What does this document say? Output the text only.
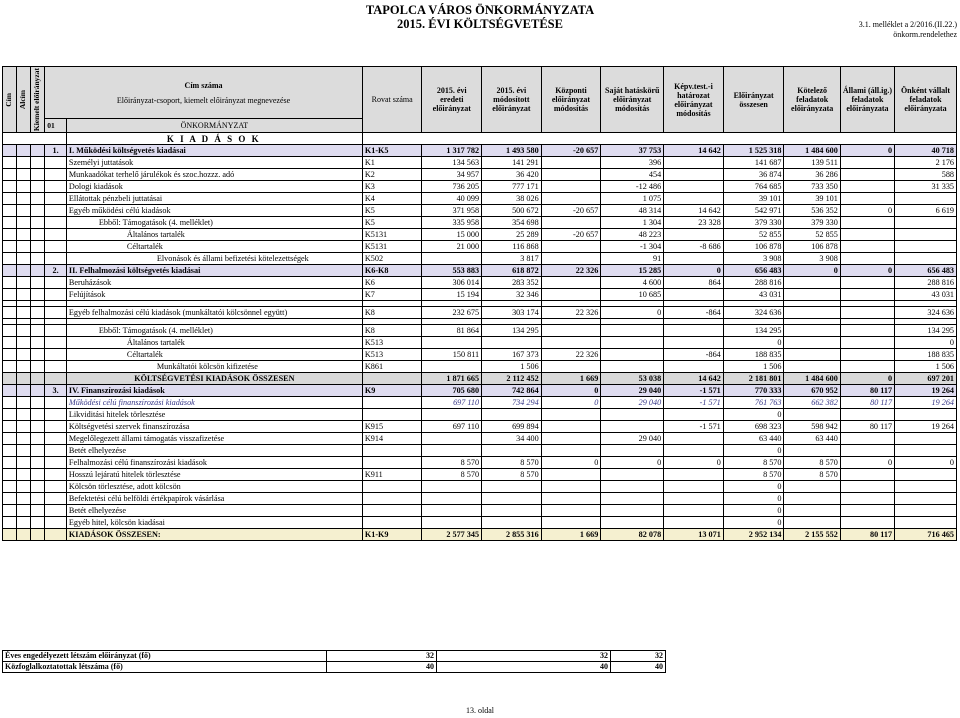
TAPOLCA VÁROS ÖNKORMÁNYZATA
2015. ÉVI KÖLTSÉGVETÉSE	3.1. melléklet a 2/2016.(II.22.)
önkorm.rendelethez
Cím	Alcím	Kiemelt előirányzat	Cím száma
Előirányzat-csoport, kiemelt előirányzat megnevezése		Rovat száma	2015. évi eredeti előirányzat	2015. évi módosított előirányzat	Központi előirányzat módosítás	Saját hatáskörű előirányzat módosítás	Képv.test.-i határozat előirányzat módosítás	Előirányzat összesen	Kötelező feladatok előirányzata	Állami (áll.ig.) feladatok előirányzata	Önként vállalt feladatok előirányzata
			01	ÖNKORMÁNYZAT										
				K I A D Á S O K										
			1.	I. Működési költségvetés kiadásai	K1-K5	1 317 782	1 493 580	-20 657	37 753	14 642	1 525 318	1 484 600	0	40 718
				Személyi juttatások	K1	134 563	141 291		396		141 687	139 511		2 176
				Munkaadókat terhelő járulékok és szoc.hozzz. adó	K2	34 957	36 420		454		36 874	36 286		588
				Dologi kiadások	K3	736 205	777 171		-12 486		764 685	733 350		31 335
				Ellátottak pénzbeli juttatásai	K4	40 099	38 026		1 075		39 101	39 101		
				Egyéb működési célú kiadások	K5	371 958	500 672	-20 657	48 314	14 642	542 971	536 352	0	6 619
				Ebből: Támogatások (4. melléklet)	K5	335 958	354 698		1 304	23 328	379 330	379 330		
				Általános tartalék	K5131	15 000	25 289	-20 657	48 223		52 855	52 855		
				Céltartalék	K5131	21 000	116 868		-1 304	-8 686	106 878	106 878		
				Elvonások és állami befizetési kötelezettségek	K502		3 817		91		3 908	3 908		
			2.	II. Felhalmozási költségvetés kiadásai	K6-K8	553 883	618 872	22 326	15 285	0	656 483	0	0	656 483
				Beruházások	K6	306 014	283 352		4 600	864	288 816			288 816
				Felújítások	K7	15 194	32 346		10 685		43 031			43 031

				Egyéb felhalmozási célú kiadások (munkáltatói kölcsönnel együtt)	K8	232 675	303 174	22 326	0	-864	324 636			324 636

				Ebből: Támogatások (4. melléklet)	K8	81 864	134 295				134 295			134 295
				Általános tartalék	K513						0			0
				Céltartalék	K513	150 811	167 373	22 326		-864	188 835			188 835
				Munkáltatói kölcsön kifizetése	K861		1 506				1 506			1 506
				KÖLTSÉGVETÉSI KIADÁSOK ÖSSZESEN		1 871 665	2 112 452	1 669	53 038	14 642	2 181 801	1 484 600	0	697 201
			3.	IV. Finanszírozási kiadások	K9	705 680	742 864	0	29 040	-1 571	770 333	670 952	80 117	19 264
				Működési célú finanszírozási kiadások		697 110	734 294	0	29 040	-1 571	761 763	662 382	80 117	19 264
				Likviditási hitelek törlesztése							0			
				Költségvetési szervek finanszírozása	K915	697 110	699 894			-1 571	698 323	598 942	80 117	19 264
				Megelőlegezett állami támogatás visszafizetése	K914		34 400		29 040		63 440	63 440		
				Betét elhelyezése							0			
				Felhalmozási célú finanszírozási kiadások		8 570	8 570	0	0	0	8 570	8 570	0	0
				Hosszú lejáratú hitelek törlesztése	K911	8 570	8 570				8 570	8 570		
				Kölcsön törlesztése, adott kölcsön							0			
				Befektetési célú belföldi értékpapírok vásárlása							0			
				Betét elhelyezése							0			
				Egyéb hitel, kölcsön kiadásai							0			
				KIADÁSOK ÖSSZESEN:	K1-K9	2 577 345	2 855 316	1 669	82 078	13 071	2 952 134	2 155 552	80 117	716 465
Éves engedélyezett létszám előirányzat (fő)	32	32	32
Közfoglalkoztatottak létszáma (fő)	40	40	40
13. oldal
